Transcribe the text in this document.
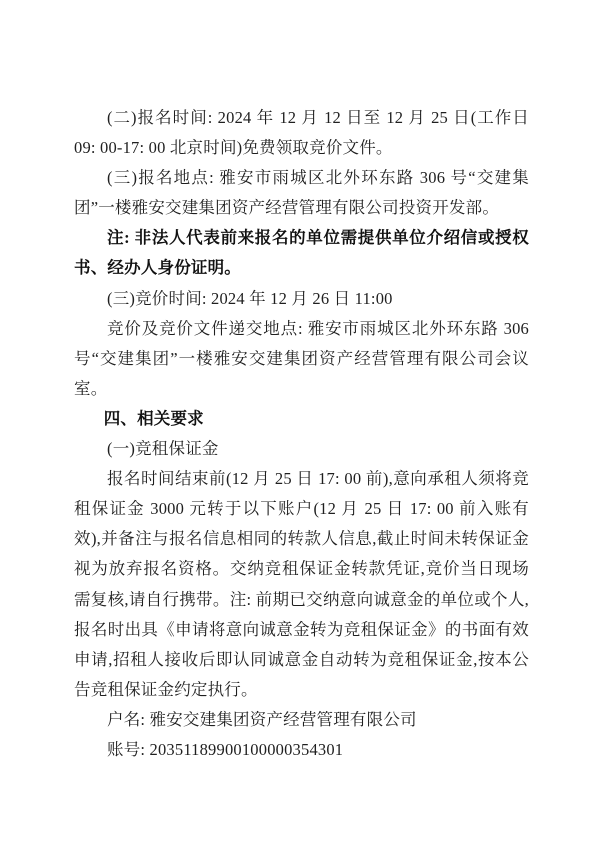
(二)报名时间: 2024 年 12 月 12 日至 12 月 25 日(工作日 09: 00-17: 00 北京时间)免费领取竞价文件。

(三)报名地点: 雅安市雨城区北外环东路 306 号“交建集团”一楼雅安交建集团资产经营管理有限公司投资开发部。

注: 非法人代表前来报名的单位需提供单位介绍信或授权书、经办人身份证明。

(三)竞价时间: 2024 年 12 月 26 日 11:00

竞价及竞价文件递交地点: 雅安市雨城区北外环东路 306 号“交建集团”一楼雅安交建集团资产经营管理有限公司会议室。

四、相关要求

(一)竞租保证金

报名时间结束前(12 月 25 日 17: 00 前),意向承租人须将竞租保证金 3000 元转于以下账户(12 月 25 日 17: 00 前入账有效),并备注与报名信息相同的转款人信息,截止时间未转保证金视为放弃报名资格。交纳竞租保证金转款凭证,竞价当日现场需复核,请自行携带。注: 前期已交纳意向诚意金的单位或个人,报名时出具《申请将意向诚意金转为竞租保证金》的书面有效申请,招租人接收后即认同诚意金自动转为竞租保证金,按本公告竞租保证金约定执行。

户名: 雅安交建集团资产经营管理有限公司

账号: 20351189900100000354301
